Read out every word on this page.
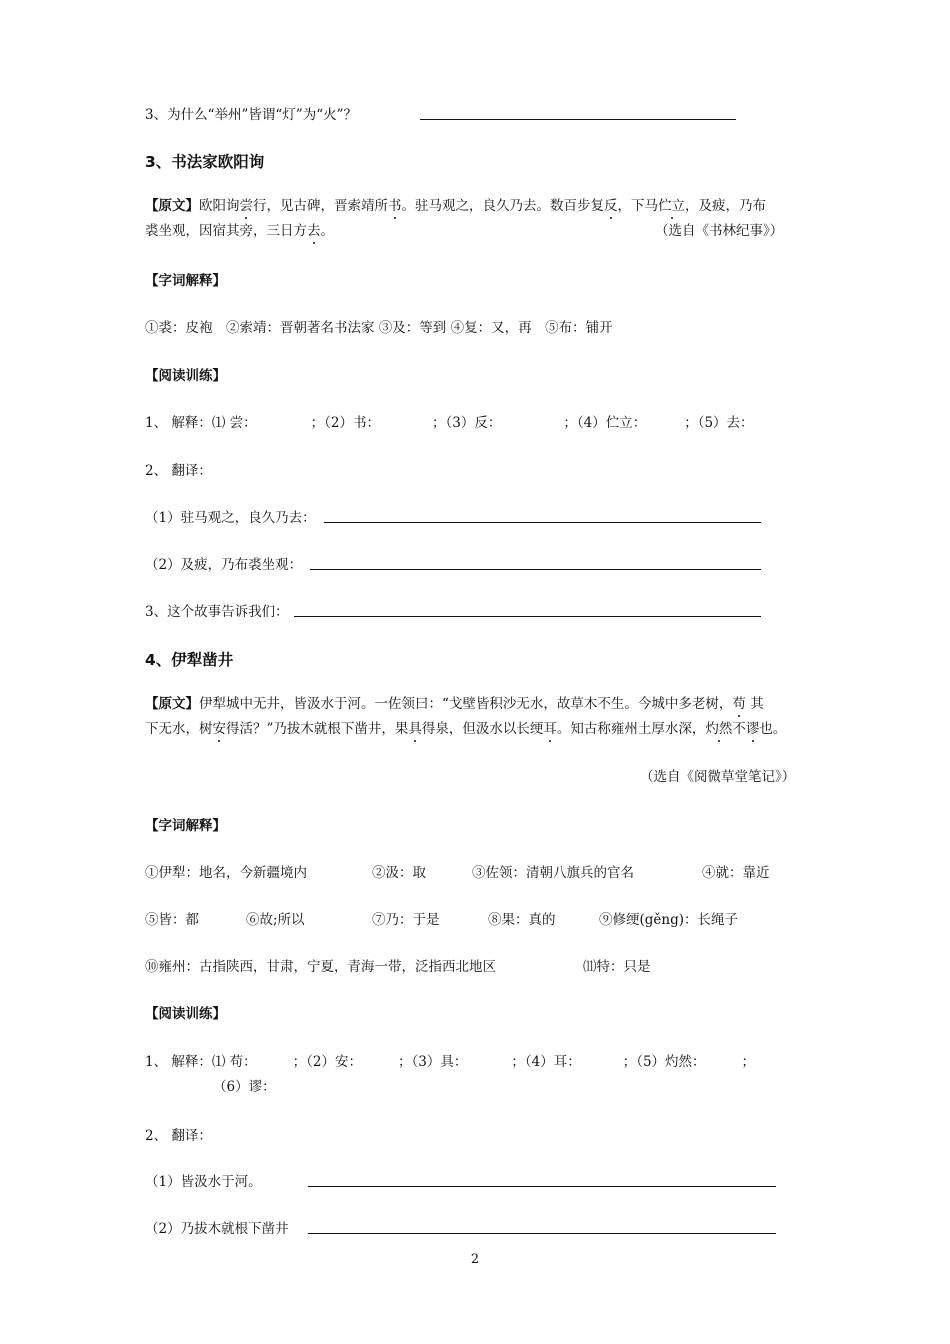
3、为什么“举州”皆谓“灯”为“火”？
3、书法家欧阳询
【原文】欧阳询尝行，见古碑，晋索靖所书。驻马观之，良久乃去。数百步复反，下马伫立，及疲，乃布
裘坐观，因宿其旁，三日方去。	（选自《书林纪事》）
【字词解释】
①裘：皮袍　②索靖：晋朝著名书法家 ③及：等到 ④复：又，再　⑤布：铺开
【阅读训练】
1、 解释：⑴ 尝：	；（2）书：	；（3）反：	；（4）伫立：	；（5）去：
2、 翻译：
（1）驻马观之，良久乃去：
（2）及疲，乃布裘坐观：
3、这个故事告诉我们：
4、伊犁凿井
【原文】伊犁城中无井，皆汲水于河。一佐领曰：“戈壁皆积沙无水，故草木不生。今城中多老树，苟 其
下无水，树安得活？”乃拔木就根下凿井，果具得泉，但汲水以长绠耳。知古称雍州土厚水深，灼然不谬也。
（选自《阅微草堂笔记》）
【字词解释】
①伊犁：地名，今新疆境内	②汲：取	③佐领：清朝八旗兵的官名	④就：靠近
⑤皆：都	⑥故;所以	⑦乃：于是	⑧果：真的	⑨修绠(gěng)：长绳子
⑩雍州：古指陕西，甘肃，宁夏，青海一带，泛指西北地区	⑾特：只是
【阅读训练】
1、 解释：⑴ 苟：	；（2）安：	；（3）具：	；（4）耳：	；（5）灼然：	；
（6）谬：
2、 翻译：
（1）皆汲水于河。
（2）乃拔木就根下凿井
2
